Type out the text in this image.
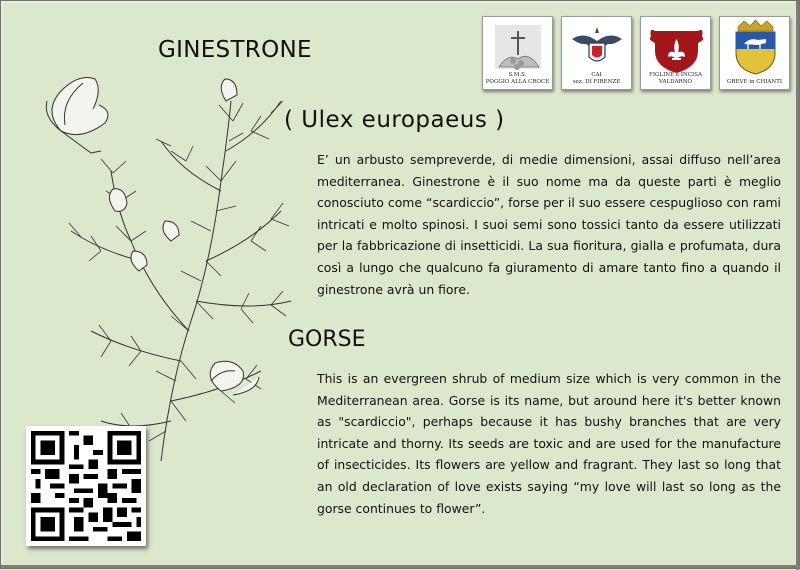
GINESTRONE
( Ulex europaeus )
GORSE

E’ un arbusto sempreverde, di medie dimensioni, assai diffuso nell’area mediterranea. Ginestrone è il suo nome ma da queste parti è meglio conosciuto come “scardiccio”, forse per il suo essere cespuglioso con rami intricati e molto spinosi. I suoi semi sono tossici tanto da essere utilizzati per la fabbricazione di insetticidi. La sua fioritura, gialla e profumata, dura così a lungo che qualcuno fa giuramento di amare tanto fino a quando il ginestrone avrà un fiore.

This is an evergreen shrub of medium size which is very common in the Mediterranean area. Gorse is its name, but around here it's better known as "scardiccio", perhaps because it has bushy branches that are very intricate and thorny. Its seeds are toxic and are used for the manufacture of insecticides. Its flowers are yellow and fragrant. They last so long that an old declaration of love exists saying “my love will last so long as the gorse continues to flower”.

S.M.S.
POGGIO ALLA CROCE
CAI
sez. DI FIRENZE
FIGLINE e INCISA
VALDARNO	GREVE in CHIANTI
